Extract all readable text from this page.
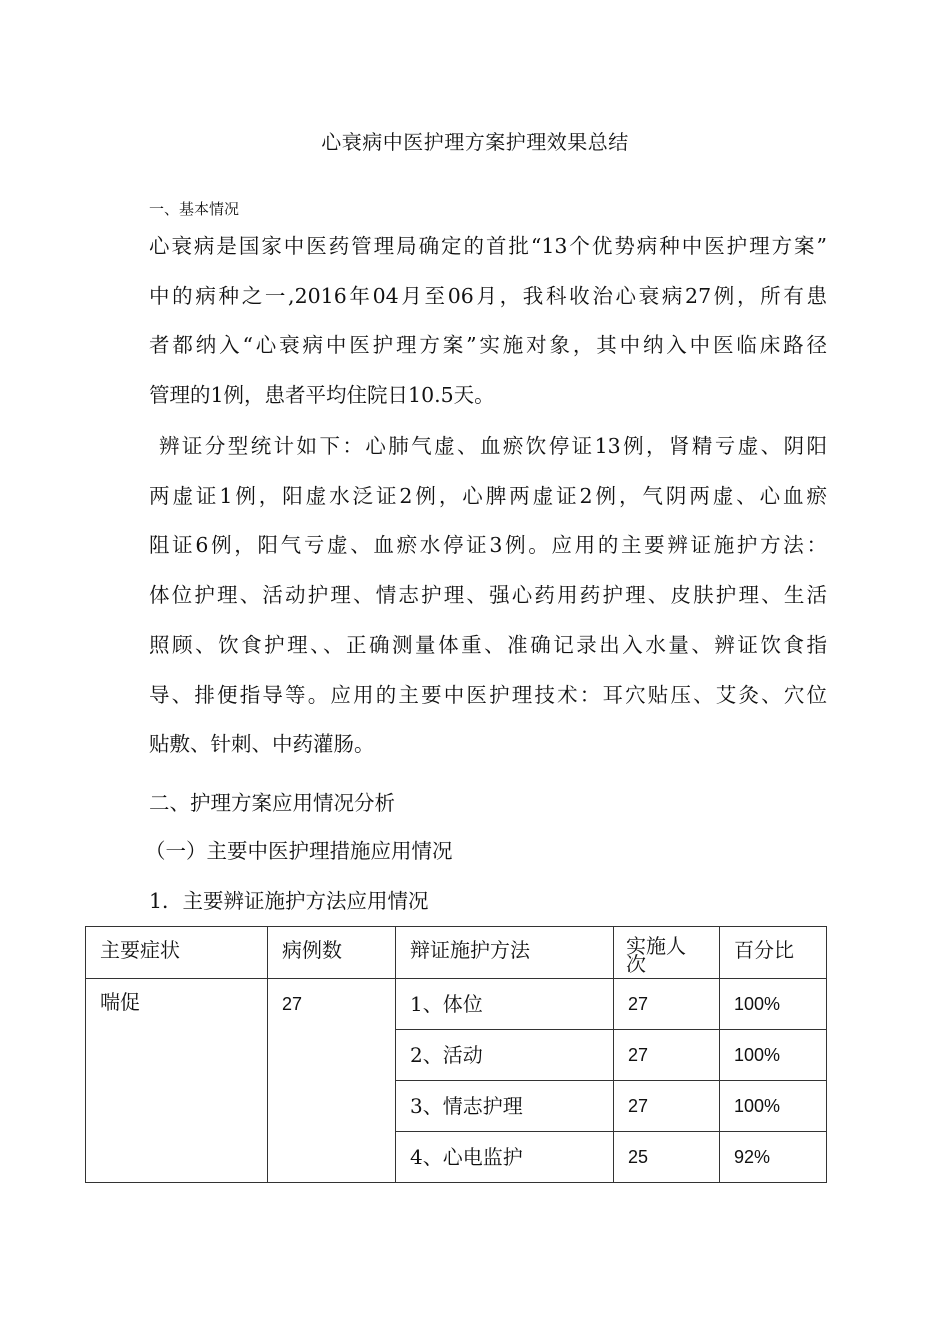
心衰病中医护理方案护理效果总结
一、基本情况
心衰病是国家中医药管理局确定的首批“13个优势病种中医护理方案”
中的病种之一,2016年04月至06月，我科收治心衰病27例，所有患
者都纳入“心衰病中医护理方案”实施对象，其中纳入中医临床路径
管理的1例，患者平均住院日10.5天。
辨证分型统计如下：心肺气虚、血瘀饮停证13例，肾精亏虚、阴阳
两虚证1例，阳虚水泛证2例，心脾两虚证2例，气阴两虚、心血瘀
阻证6例，阳气亏虚、血瘀水停证3例。应用的主要辨证施护方法：
体位护理、活动护理、情志护理、强心药用药护理、皮肤护理、生活
照顾、饮食护理、、正确测量体重、准确记录出入水量、辨证饮食指
导、排便指导等。应用的主要中医护理技术：耳穴贴压、艾灸、穴位
贴敷、针刺、中药灌肠。
二、护理方案应用情况分析
（一）主要中医护理措施应用情况
1．主要辨证施护方法应用情况
主要症状	病例数	辩证施护方法	实施人次	百分比

喘促	27	1、体位	27	100%

		2、活动	27	100%

		3、情志护理	27	100%

		4、心电监护	25	92%
